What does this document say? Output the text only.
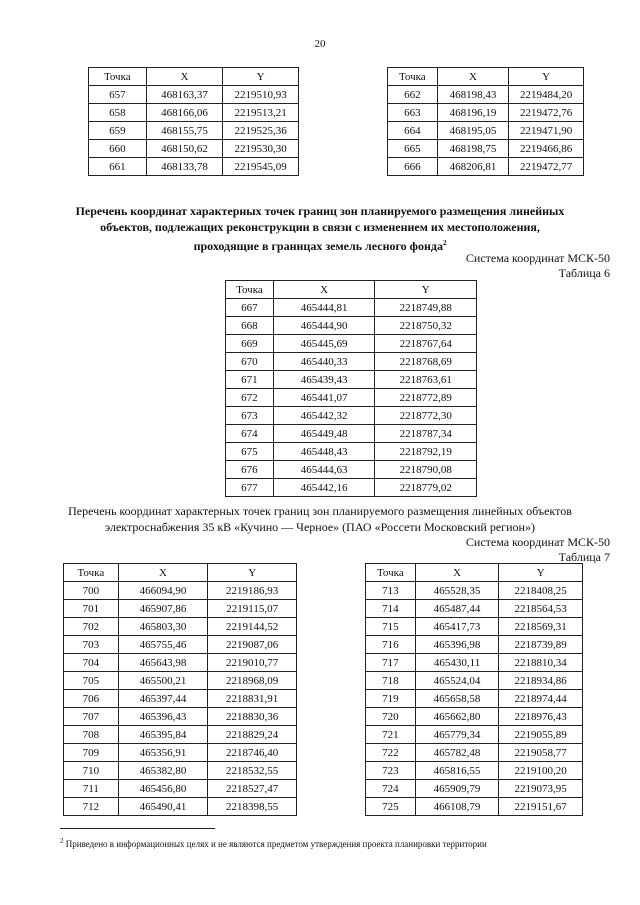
20
Точка	X	Y
657	468163,37	2219510,93
658	468166,06	2219513,21
659	468155,75	2219525,36
660	468150,62	2219530,30
661	468133,78	2219545,09
Точка	X	Y
662	468198,43	2219484,20
663	468196,19	2219472,76
664	468195,05	2219471,90
665	468198,75	2219466,86
666	468206,81	2219472,77
Перечень координат характерных точек границ зон планируемого размещения линейных
объектов, подлежащих реконструкции в связи с изменением их местоположения,
проходящие в границах земель лесного фонда$^2$
Система координат МСК-50
Таблица 6
Точка	X	Y
667	465444,81	2218749,88
668	465444,90	2218750,32
669	465445,69	2218767,64
670	465440,33	2218768,69
671	465439,43	2218763,61
672	465441,07	2218772,89
673	465442,32	2218772,30
674	465449,48	2218787,34
675	465448,43	2218792,19
676	465444,63	2218790,08
677	465442,16	2218779,02
Перечень координат характерных точек границ зон планируемого размещения линейных объектов
электроснабжения 35 кВ «Кучино — Черное» (ПАО «Россети Московский регион»)
Система координат МСК-50
Таблица 7
Точка	X	Y
700	466094,90	2219186,93
701	465907,86	2219115,07
702	465803,30	2219144,52
703	465755,46	2219087,06
704	465643,98	2219010,77
705	465500,21	2218968,09
706	465397,44	2218831,91
707	465396,43	2218830,36
708	465395,84	2218829,24
709	465356,91	2218746,40
710	465382,80	2218532,55
711	465456,80	2218527,47
712	465490,41	2218398,55
Точка	X	Y
713	465528,35	2218408,25
714	465487,44	2218564,53
715	465417,73	2218569,31
716	465396,98	2218739,89
717	465430,11	2218810,34
718	465524,04	2218934,86
719	465658,58	2218974,44
720	465662,80	2218976,43
721	465779,34	2219055,89
722	465782,48	2219058,77
723	465816,55	2219100,20
724	465909,79	2219073,95
725	466108,79	2219151,67
$^2$ Приведено в информационных целях и не являются предметом утверждения проекта планировки территории
